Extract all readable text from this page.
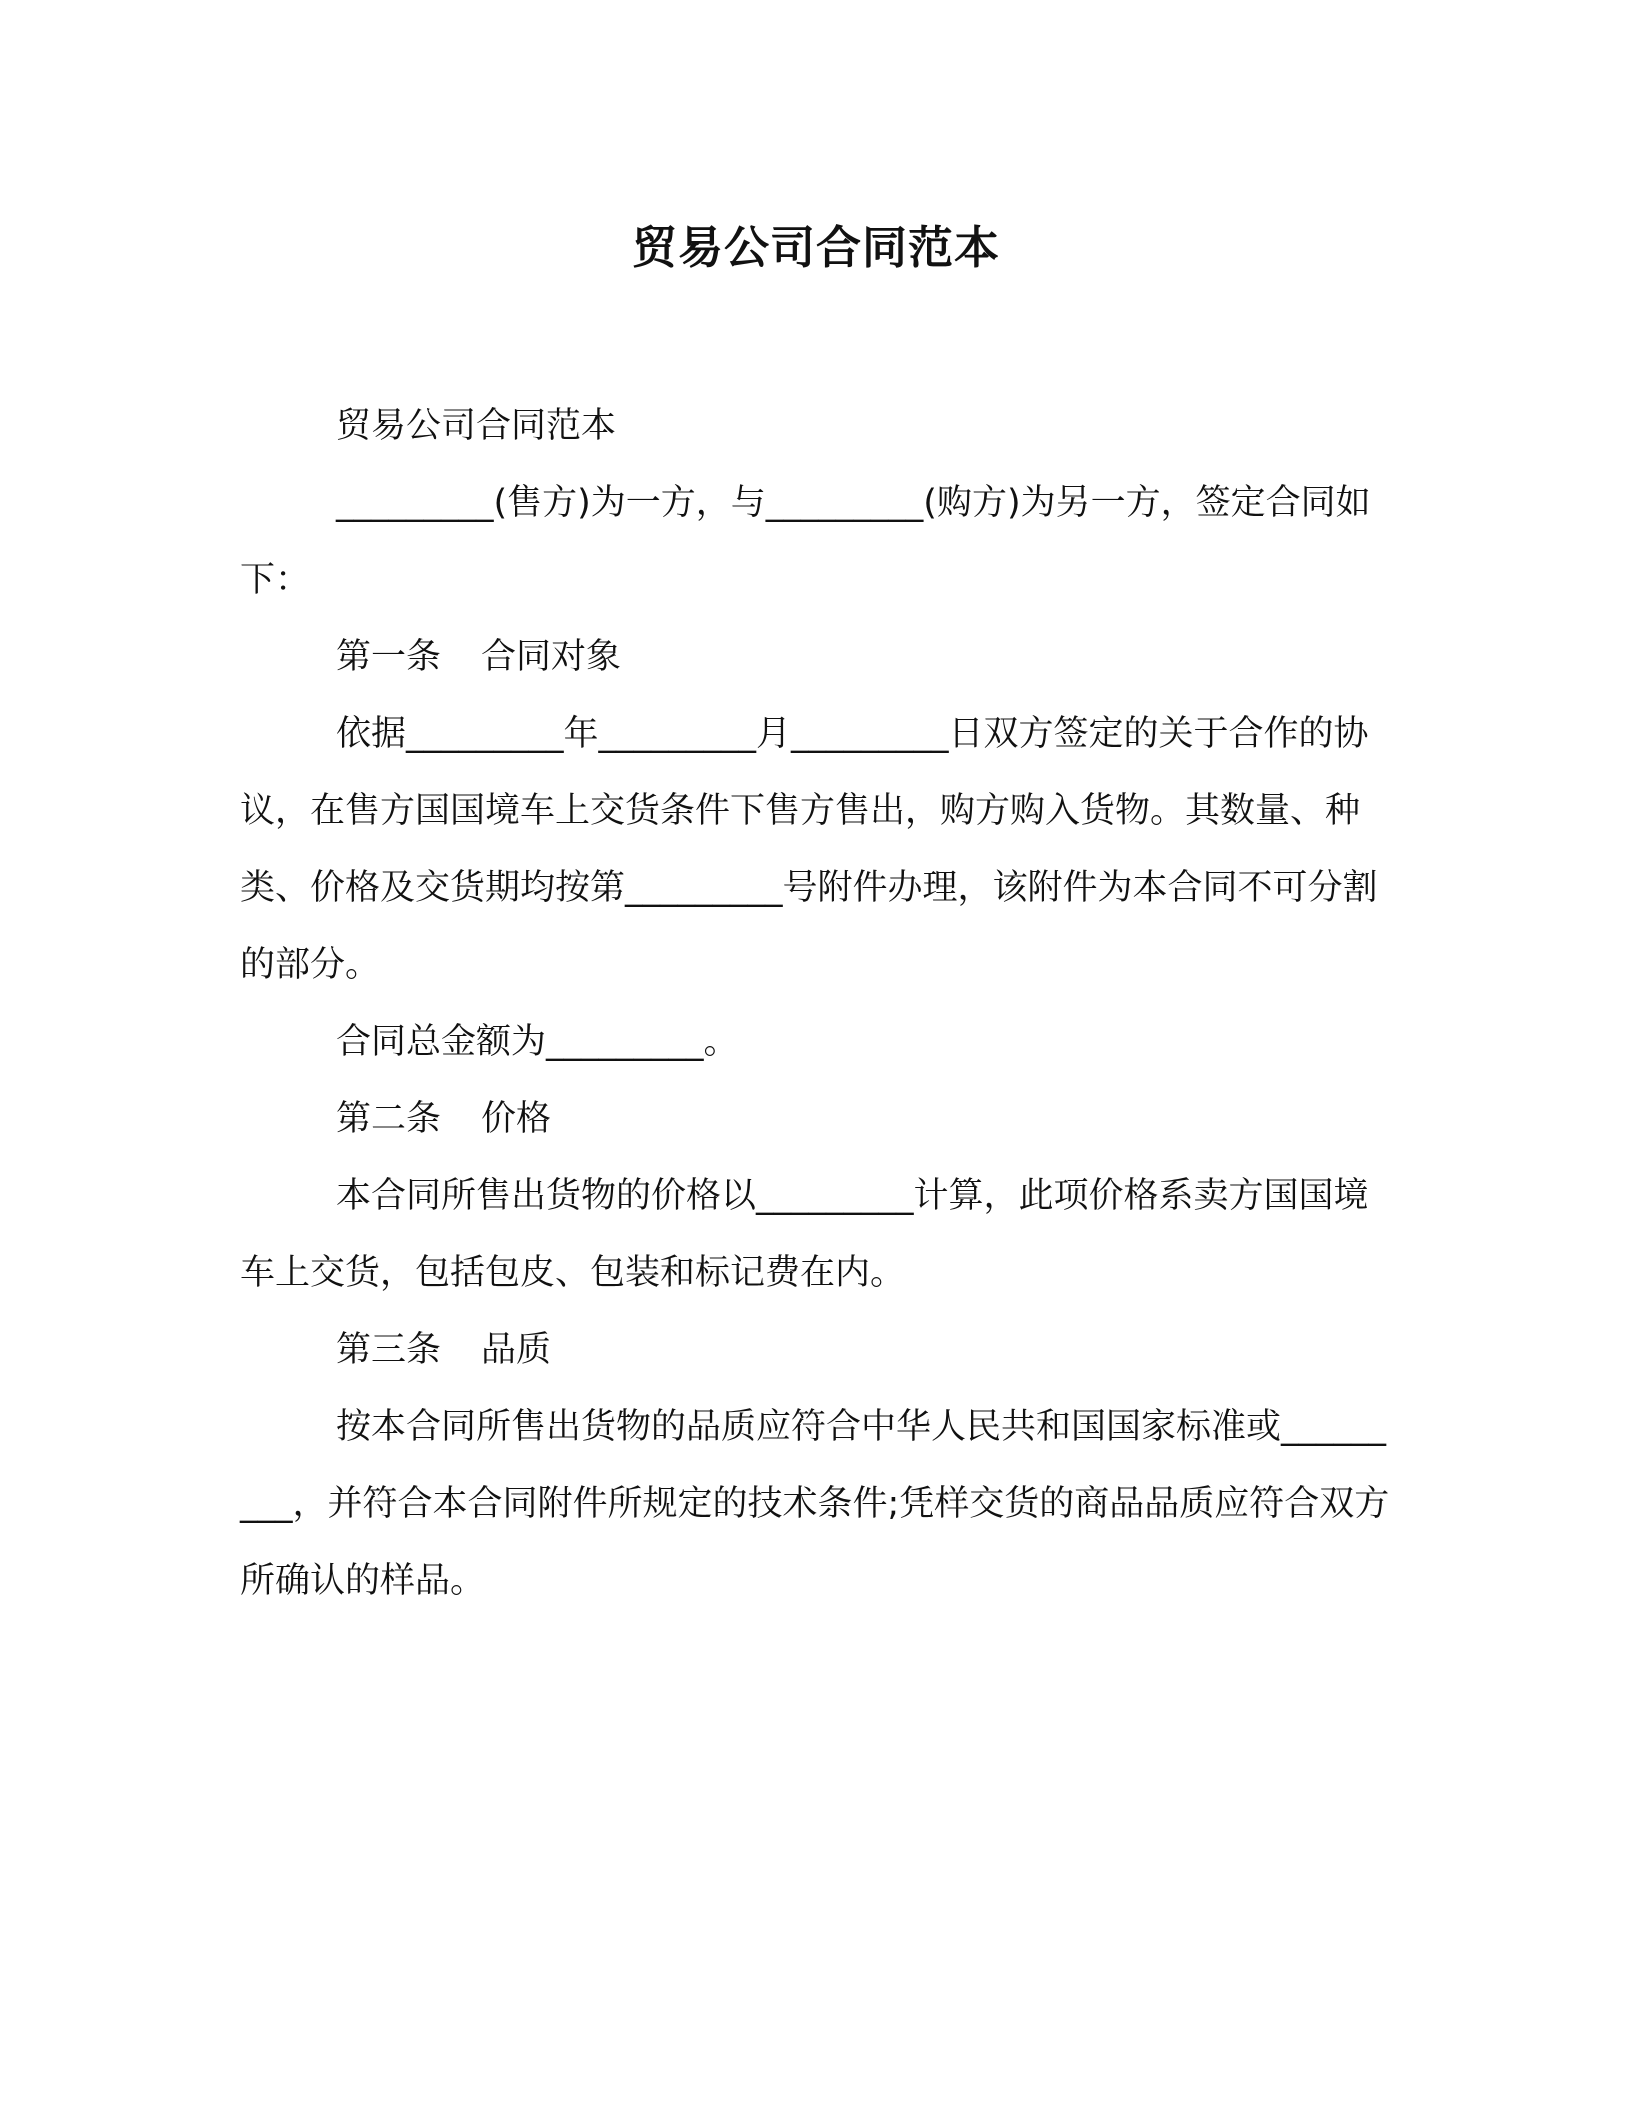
贸易公司合同范本

贸易公司合同范本

_________(售方)为一方，与_________(购方)为另一方，签定合同如下：

第一条 合同对象

依据_________年_________月_________日双方签定的关于合作的协议，在售方国国境车上交货条件下售方售出，购方购入货物。其数量、种类、价格及交货期均按第_________号附件办理，该附件为本合同不可分割的部分。

合同总金额为_________。

第二条 价格

本合同所售出货物的价格以_________计算，此项价格系卖方国国境车上交货，包括包皮、包装和标记费在内。

第三条 品质

按本合同所售出货物的品质应符合中华人民共和国国家标准或_________，并符合本合同附件所规定的技术条件;凭样交货的商品品质应符合双方所确认的样品。
